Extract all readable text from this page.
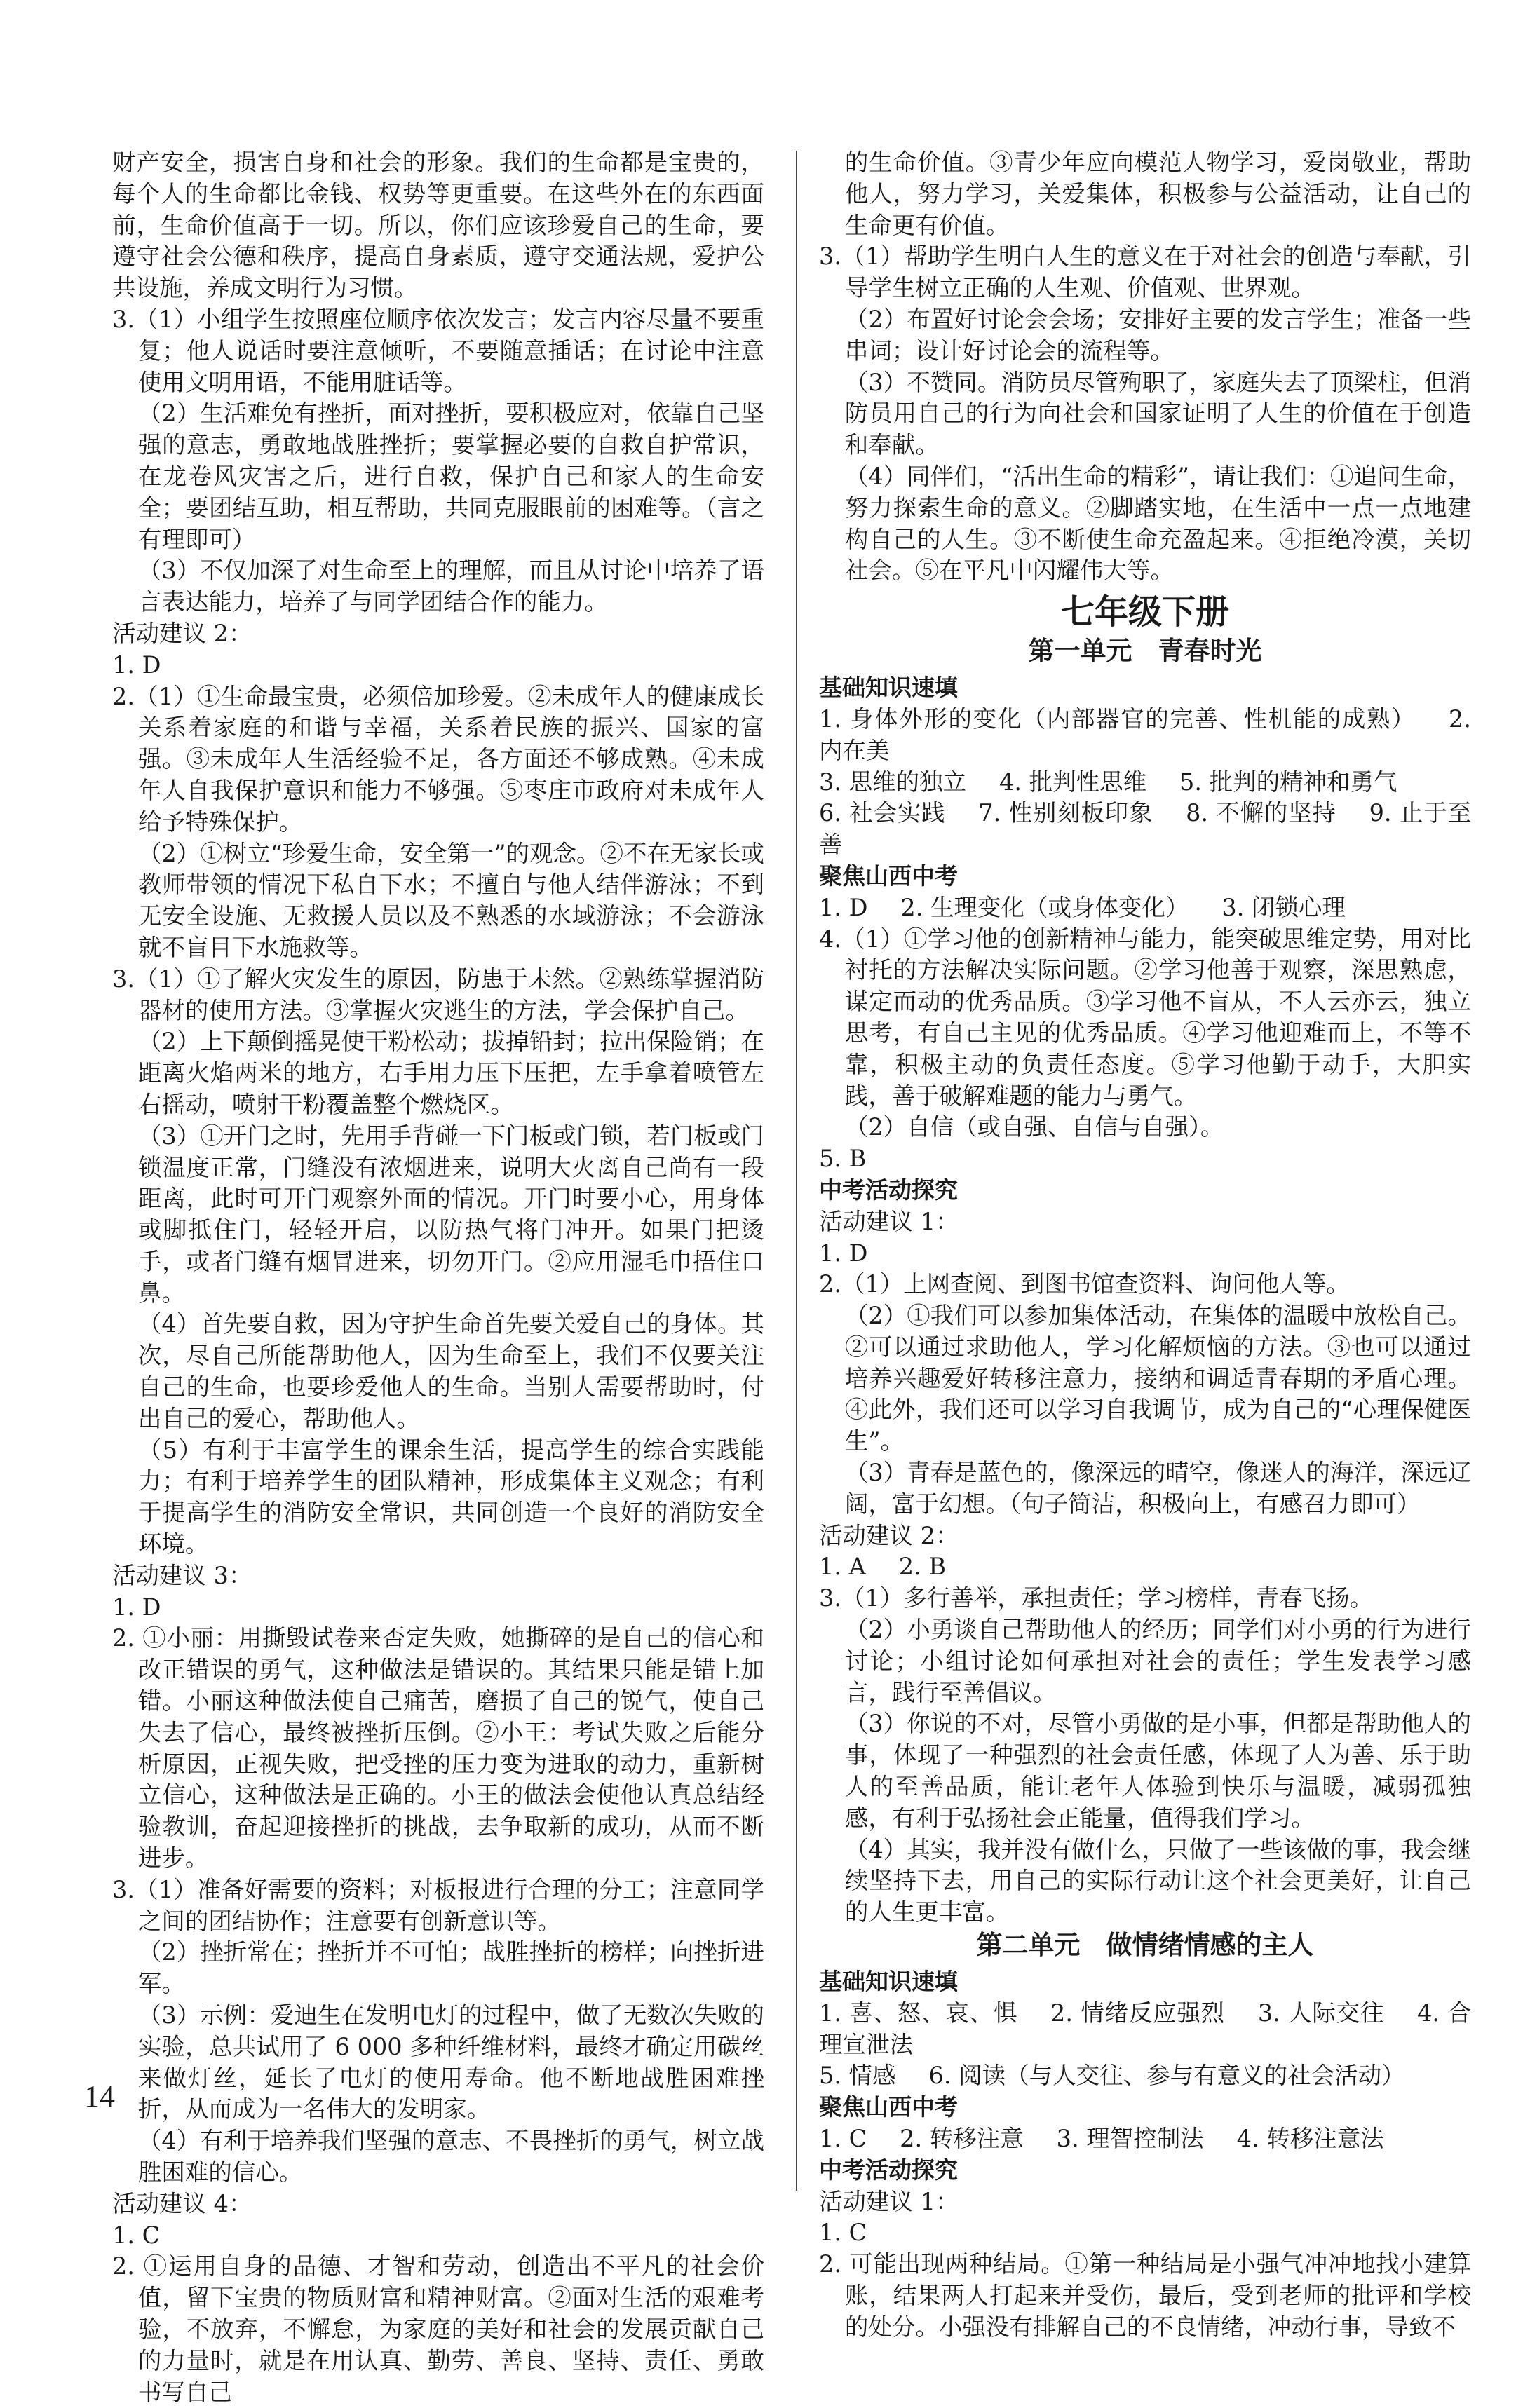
财产安全，损害自身和社会的形象。我们的生命都是宝贵的，每个人的生命都比金钱、权势等更重要。在这些外在的东西面前，生命价值高于一切。所以，你们应该珍爱自己的生命，要遵守社会公德和秩序，提高自身素质，遵守交通法规，爱护公共设施，养成文明行为习惯。

3.（1）小组学生按照座位顺序依次发言；发言内容尽量不要重复；他人说话时要注意倾听，不要随意插话；在讨论中注意使用文明用语，不能用脏话等。

（2）生活难免有挫折，面对挫折，要积极应对，依靠自己坚强的意志，勇敢地战胜挫折；要掌握必要的自救自护常识，在龙卷风灾害之后，进行自救，保护自己和家人的生命安全；要团结互助，相互帮助，共同克服眼前的困难等。（言之有理即可）

（3）不仅加深了对生命至上的理解，而且从讨论中培养了语言表达能力，培养了与同学团结合作的能力。

活动建议 2：

1. D

2.（1）①生命最宝贵，必须倍加珍爱。②未成年人的健康成长关系着家庭的和谐与幸福，关系着民族的振兴、国家的富强。③未成年人生活经验不足，各方面还不够成熟。④未成年人自我保护意识和能力不够强。⑤枣庄市政府对未成年人给予特殊保护。

（2）①树立“珍爱生命，安全第一”的观念。②不在无家长或教师带领的情况下私自下水；不擅自与他人结伴游泳；不到无安全设施、无救援人员以及不熟悉的水域游泳；不会游泳就不盲目下水施救等。

3.（1）①了解火灾发生的原因，防患于未然。②熟练掌握消防器材的使用方法。③掌握火灾逃生的方法，学会保护自己。

（2）上下颠倒摇晃使干粉松动；拔掉铅封；拉出保险销；在距离火焰两米的地方，右手用力压下压把，左手拿着喷管左右摇动，喷射干粉覆盖整个燃烧区。

（3）①开门之时，先用手背碰一下门板或门锁，若门板或门锁温度正常，门缝没有浓烟进来，说明大火离自己尚有一段距离，此时可开门观察外面的情况。开门时要小心，用身体或脚抵住门，轻轻开启，以防热气将门冲开。如果门把烫手，或者门缝有烟冒进来，切勿开门。②应用湿毛巾捂住口鼻。

（4）首先要自救，因为守护生命首先要关爱自己的身体。其次，尽自己所能帮助他人，因为生命至上，我们不仅要关注自己的生命，也要珍爱他人的生命。当别人需要帮助时，付出自己的爱心，帮助他人。

（5）有利于丰富学生的课余生活，提高学生的综合实践能力；有利于培养学生的团队精神，形成集体主义观念；有利于提高学生的消防安全常识，共同创造一个良好的消防安全环境。

活动建议 3：

1. D

2. ①小丽：用撕毁试卷来否定失败，她撕碎的是自己的信心和改正错误的勇气，这种做法是错误的。其结果只能是错上加错。小丽这种做法使自己痛苦，磨损了自己的锐气，使自己失去了信心，最终被挫折压倒。②小王：考试失败之后能分析原因，正视失败，把受挫的压力变为进取的动力，重新树立信心，这种做法是正确的。小王的做法会使他认真总结经验教训，奋起迎接挫折的挑战，去争取新的成功，从而不断进步。

3.（1）准备好需要的资料；对板报进行合理的分工；注意同学之间的团结协作；注意要有创新意识等。

（2）挫折常在；挫折并不可怕；战胜挫折的榜样；向挫折进军。

（3）示例：爱迪生在发明电灯的过程中，做了无数次失败的实验，总共试用了 6 000 多种纤维材料，最终才确定用碳丝来做灯丝，延长了电灯的使用寿命。他不断地战胜困难挫折，从而成为一名伟大的发明家。

（4）有利于培养我们坚强的意志、不畏挫折的勇气，树立战胜困难的信心。

活动建议 4：

1. C

2. ①运用自身的品德、才智和劳动，创造出不平凡的社会价值，留下宝贵的物质财富和精神财富。②面对生活的艰难考验，不放弃，不懈怠，为家庭的美好和社会的发展贡献自己的力量时，就是在用认真、勤劳、善良、坚持、责任、勇敢书写自己

的生命价值。③青少年应向模范人物学习，爱岗敬业，帮助他人，努力学习，关爱集体，积极参与公益活动，让自己的生命更有价值。

3.（1）帮助学生明白人生的意义在于对社会的创造与奉献，引导学生树立正确的人生观、价值观、世界观。

（2）布置好讨论会会场；安排好主要的发言学生；准备一些串词；设计好讨论会的流程等。

（3）不赞同。消防员尽管殉职了，家庭失去了顶梁柱，但消防员用自己的行为向社会和国家证明了人生的价值在于创造和奉献。

（4）同伴们，“活出生命的精彩”，请让我们：①追问生命，努力探索生命的意义。②脚踏实地，在生活中一点一点地建构自己的人生。③不断使生命充盈起来。④拒绝冷漠，关切社会。⑤在平凡中闪耀伟大等。

七年级下册
第一单元　青春时光

基础知识速填

1. 身体外形的变化（内部器官的完善、性机能的成熟） 2. 内在美
3. 思维的独立 4. 批判性思维 5. 批判的精神和勇气
6. 社会实践 7. 性别刻板印象 8. 不懈的坚持 9. 止于至善

聚焦山西中考

1. D 2. 生理变化（或身体变化） 3. 闭锁心理

4.（1）①学习他的创新精神与能力，能突破思维定势，用对比衬托的方法解决实际问题。②学习他善于观察，深思熟虑，谋定而动的优秀品质。③学习他不盲从，不人云亦云，独立思考，有自己主见的优秀品质。④学习他迎难而上，不等不靠，积极主动的负责任态度。⑤学习他勤于动手，大胆实践，善于破解难题的能力与勇气。

（2）自信（或自强、自信与自强）。

5. B

中考活动探究

活动建议 1：

1. D

2.（1）上网查阅、到图书馆查资料、询问他人等。

（2）①我们可以参加集体活动，在集体的温暖中放松自己。②可以通过求助他人，学习化解烦恼的方法。③也可以通过培养兴趣爱好转移注意力，接纳和调适青春期的矛盾心理。④此外，我们还可以学习自我调节，成为自己的“心理保健医生”。

（3）青春是蓝色的，像深远的晴空，像迷人的海洋，深远辽阔，富于幻想。（句子简洁，积极向上，有感召力即可）

活动建议 2：

1. A 2. B

3.（1）多行善举，承担责任；学习榜样，青春飞扬。

（2）小勇谈自己帮助他人的经历；同学们对小勇的行为进行讨论；小组讨论如何承担对社会的责任；学生发表学习感言，践行至善倡议。

（3）你说的不对，尽管小勇做的是小事，但都是帮助他人的事，体现了一种强烈的社会责任感，体现了人为善、乐于助人的至善品质，能让老年人体验到快乐与温暖，减弱孤独感，有利于弘扬社会正能量，值得我们学习。

（4）其实，我并没有做什么，只做了一些该做的事，我会继续坚持下去，用自己的实际行动让这个社会更美好，让自己的人生更丰富。

第二单元　做情绪情感的主人

基础知识速填

1. 喜、怒、哀、惧 2. 情绪反应强烈 3. 人际交往 4. 合理宣泄法
5. 情感 6. 阅读（与人交往、参与有意义的社会活动）

聚焦山西中考

1. C 2. 转移注意 3. 理智控制法 4. 转移注意法

中考活动探究

活动建议 1：

1. C

2. 可能出现两种结局。①第一种结局是小强气冲冲地找小建算账，结果两人打起来并受伤，最后，受到老师的批评和学校的处分。小强没有排解自己的不良情绪，冲动行事，导致不

14
